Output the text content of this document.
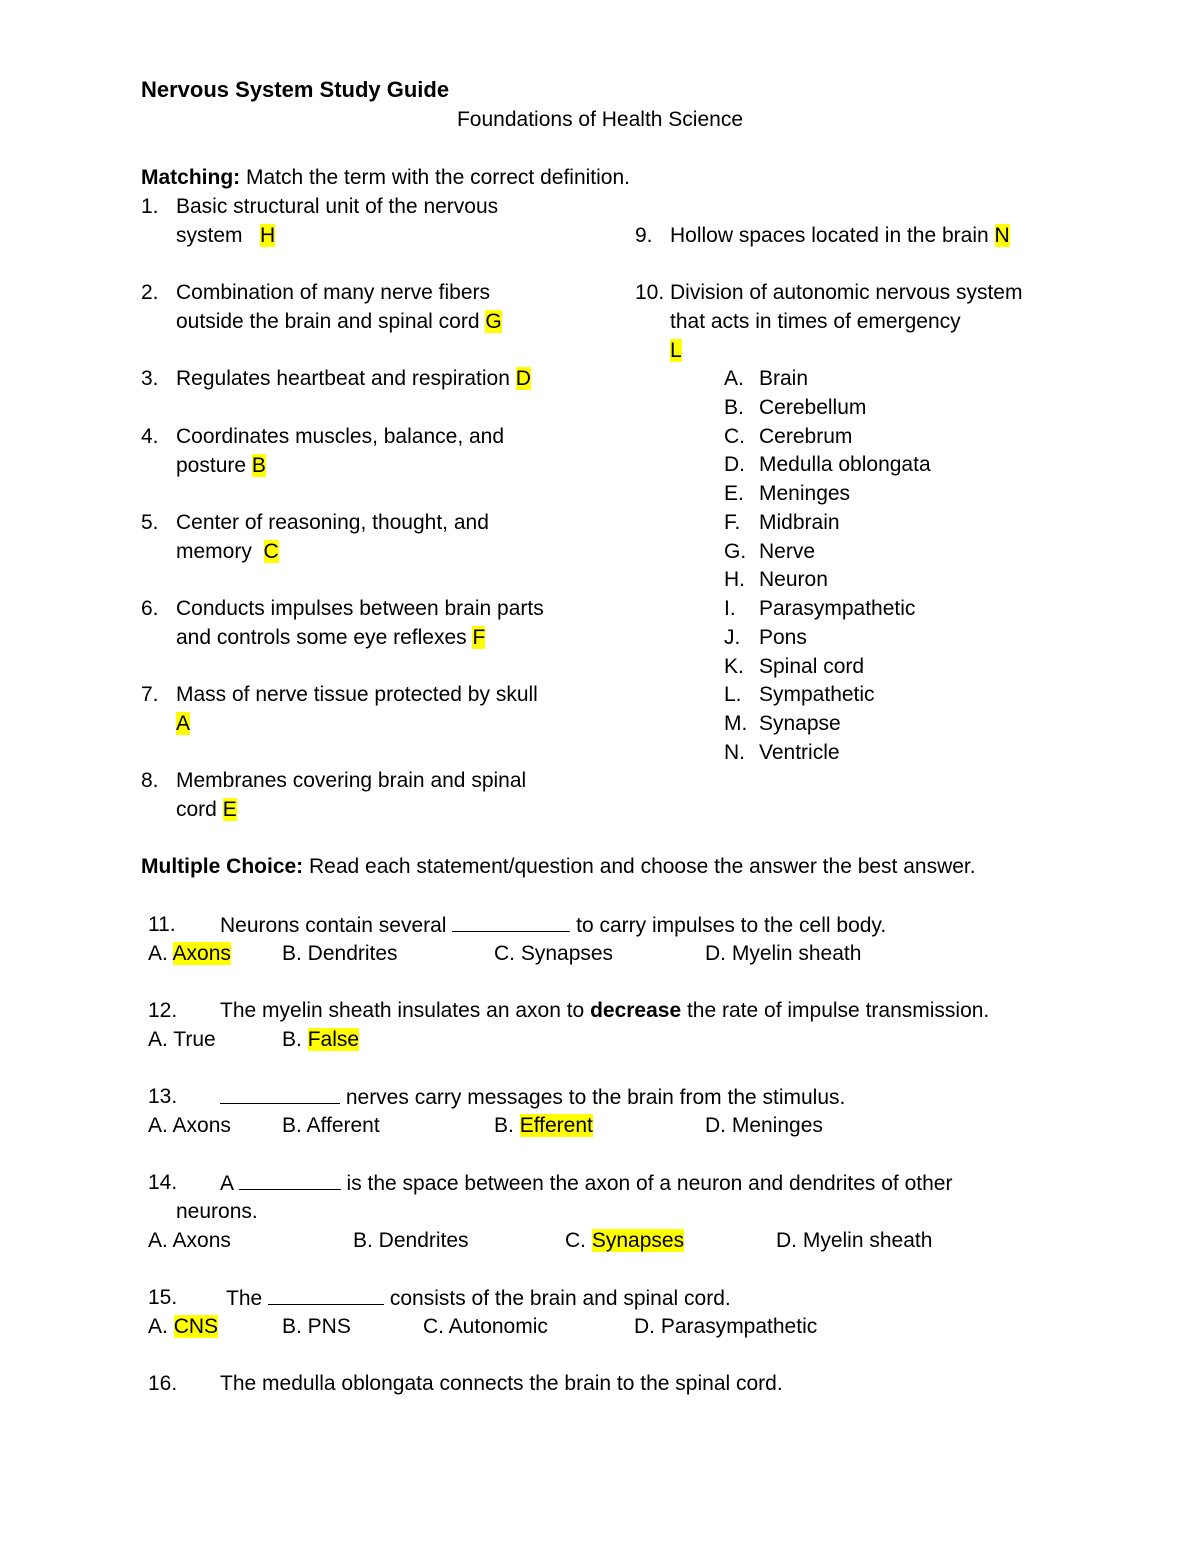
Nervous System Study Guide
Foundations of Health Science
Matching: Match the term with the correct definition.
1. Basic structural unit of the nervous
system   H
2. Combination of many nerve fibers
outside the brain and spinal cord G
3. Regulates heartbeat and respiration D
4. Coordinates muscles, balance, and
posture B
5. Center of reasoning, thought, and
memory  C
6. Conducts impulses between brain parts
and controls some eye reflexes F
7. Mass of nerve tissue protected by skull
A
8. Membranes covering brain and spinal
cord E
9. Hollow spaces located in the brain N
10. Division of autonomic nervous system
that acts in times of emergency
L
A. Brain
B. Cerebellum
C. Cerebrum
D. Medulla oblongata
E. Meninges
F. Midbrain
G. Nerve
H. Neuron
I. Parasympathetic
J. Pons
K. Spinal cord
L. Sympathetic
M. Synapse
N. Ventricle
Multiple Choice: Read each statement/question and choose the answer the best answer.
11. Neurons contain several	to carry impulses to the cell body.
A. Axons B. Dendrites	C. Synapses	D. Myelin sheath
12. The myelin sheath insulates an axon to decrease the rate of impulse transmission.
A. True	B. False
13.	nerves carry messages to the brain from the stimulus.
A. Axons B. Afferent	B. Efferent	D. Meninges
14. A	is the space between the axon of a neuron and dendrites of other
neurons.
A. Axons	B. Dendrites	C. Synapses	D. Myelin sheath
15. The	consists of the brain and spinal cord.
A. CNS	B. PNS	C. Autonomic	D. Parasympathetic
16. The medulla oblongata connects the brain to the spinal cord.
